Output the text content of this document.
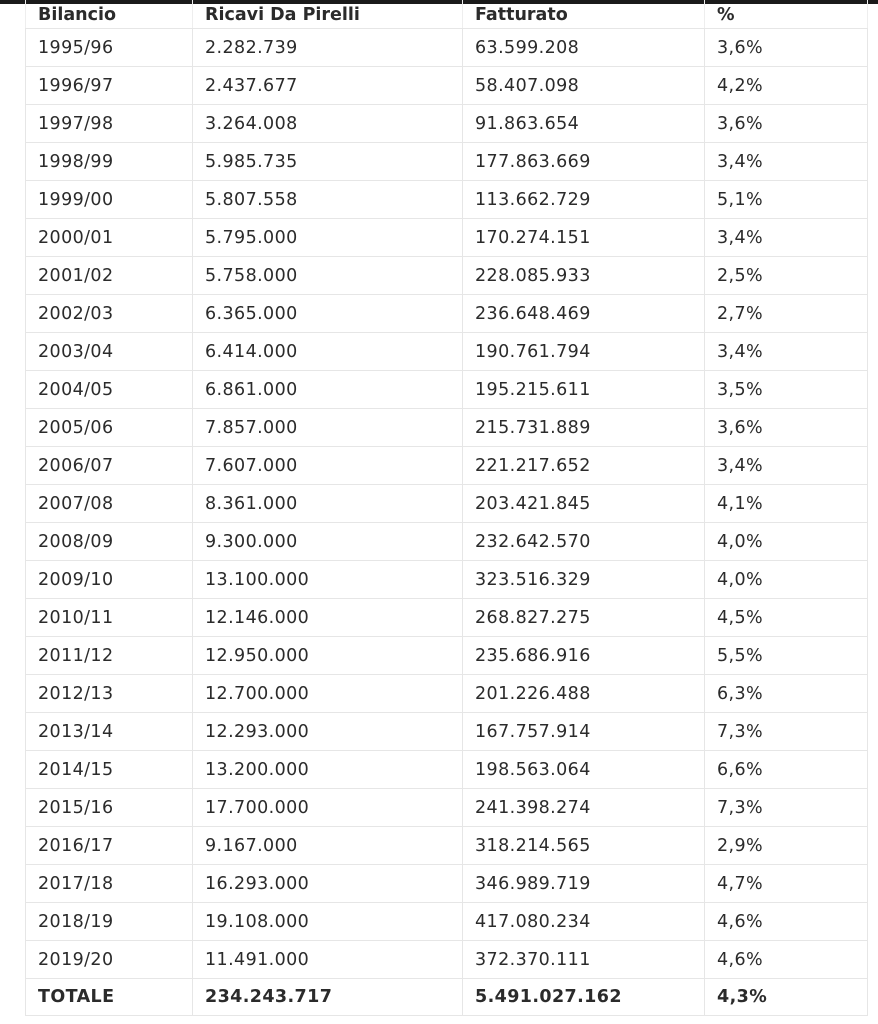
Bilancio	Ricavi Da Pirelli	Fatturato	%
1995/96	2.282.739	63.599.208	3,6%
1996/97	2.437.677	58.407.098	4,2%
1997/98	3.264.008	91.863.654	3,6%
1998/99	5.985.735	177.863.669	3,4%
1999/00	5.807.558	113.662.729	5,1%
2000/01	5.795.000	170.274.151	3,4%
2001/02	5.758.000	228.085.933	2,5%
2002/03	6.365.000	236.648.469	2,7%
2003/04	6.414.000	190.761.794	3,4%
2004/05	6.861.000	195.215.611	3,5%
2005/06	7.857.000	215.731.889	3,6%
2006/07	7.607.000	221.217.652	3,4%
2007/08	8.361.000	203.421.845	4,1%
2008/09	9.300.000	232.642.570	4,0%
2009/10	13.100.000	323.516.329	4,0%
2010/11	12.146.000	268.827.275	4,5%
2011/12	12.950.000	235.686.916	5,5%
2012/13	12.700.000	201.226.488	6,3%
2013/14	12.293.000	167.757.914	7,3%
2014/15	13.200.000	198.563.064	6,6%
2015/16	17.700.000	241.398.274	7,3%
2016/17	9.167.000	318.214.565	2,9%
2017/18	16.293.000	346.989.719	4,7%
2018/19	19.108.000	417.080.234	4,6%
2019/20	11.491.000	372.370.111	4,6%
TOTALE	234.243.717	5.491.027.162	4,3%
